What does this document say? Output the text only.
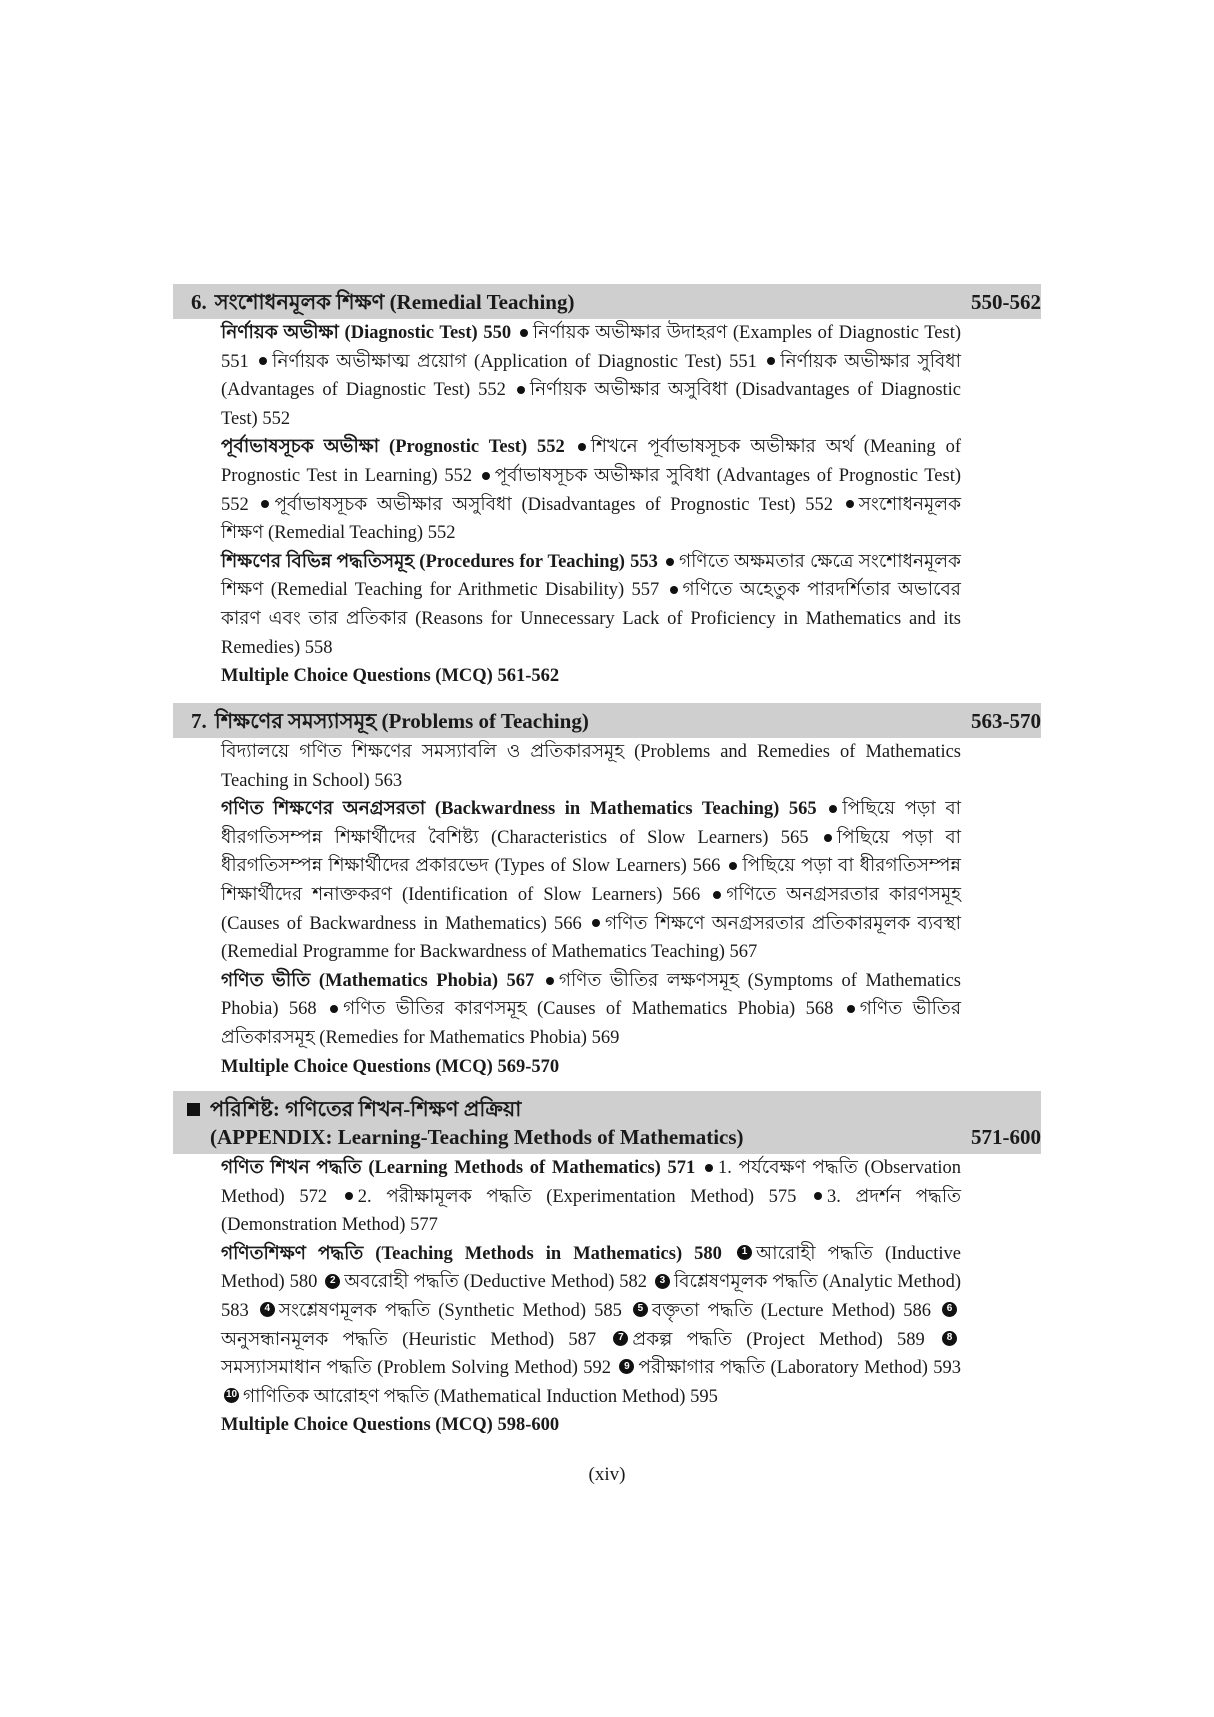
6. সংশোধনমূলক শিক্ষণ (Remedial Teaching)	550-562

নির্ণায়ক অভীক্ষা (Diagnostic Test) 550 নির্ণায়ক অভীক্ষার উদাহরণ (Examples of Diagnostic Test) 551 নির্ণায়ক অভীক্ষাত্ম প্রয়োগ (Application of Diagnostic Test) 551 নির্ণায়ক অভীক্ষার সুবিধা (Advantages of Diagnostic Test) 552 নির্ণায়ক অভীক্ষার অসুবিধা (Disadvantages of Diagnostic Test) 552

পূর্বাভাষসূচক অভীক্ষা (Prognostic Test) 552 শিখনে পূর্বাভাষসূচক অভীক্ষার অর্থ (Meaning of Prognostic Test in Learning) 552 পূর্বাভাষসূচক অভীক্ষার সুবিধা (Advantages of Prognostic Test) 552 পূর্বাভাষসূচক অভীক্ষার অসুবিধা (Disadvantages of Prognostic Test) 552 সংশোধনমূলক শিক্ষণ (Remedial Teaching) 552

শিক্ষণের বিভিন্ন পদ্ধতিসমূহ (Procedures for Teaching) 553 গণিতে অক্ষমতার ক্ষেত্রে সংশোধনমূলক শিক্ষণ (Remedial Teaching for Arithmetic Disability) 557 গণিতে অহেতুক পারদর্শিতার অভাবের কারণ এবং তার প্রতিকার (Reasons for Unnecessary Lack of Proficiency in Mathematics and its Remedies) 558

Multiple Choice Questions (MCQ) 561-562

7. শিক্ষণের সমস্যাসমূহ (Problems of Teaching)	563-570

বিদ্যালয়ে গণিত শিক্ষণের সমস্যাবলি ও প্রতিকারসমূহ (Problems and Remedies of Mathematics Teaching in School) 563

গণিত শিক্ষণের অনগ্রসরতা (Backwardness in Mathematics Teaching) 565 পিছিয়ে পড়া বা ধীরগতিসম্পন্ন শিক্ষার্থীদের বৈশিষ্ট্য (Characteristics of Slow Learners) 565 পিছিয়ে পড়া বা ধীরগতিসম্পন্ন শিক্ষার্থীদের প্রকারভেদ (Types of Slow Learners) 566 পিছিয়ে পড়া বা ধীরগতিসম্পন্ন শিক্ষার্থীদের শনাক্তকরণ (Identification of Slow Learners) 566 গণিতে অনগ্রসরতার কারণসমূহ (Causes of Backwardness in Mathematics) 566 গণিত শিক্ষণে অনগ্রসরতার প্রতিকারমূলক ব্যবস্থা (Remedial Programme for Backwardness of Mathematics Teaching) 567

গণিত ভীতি (Mathematics Phobia) 567 গণিত ভীতির লক্ষণসমূহ (Symptoms of Mathematics Phobia) 568 গণিত ভীতির কারণসমূহ (Causes of Mathematics Phobia) 568 গণিত ভীতির প্রতিকারসমূহ (Remedies for Mathematics Phobia) 569

Multiple Choice Questions (MCQ) 569-570

পরিশিষ্ট: গণিতের শিখন-শিক্ষণ প্রক্রিয়া
(APPENDIX: Learning-Teaching Methods of Mathematics)	571-600

গণিত শিখন পদ্ধতি (Learning Methods of Mathematics) 571 1. পর্যবেক্ষণ পদ্ধতি (Observation Method) 572 2. পরীক্ষামূলক পদ্ধতি (Experimentation Method) 575 3. প্রদর্শন পদ্ধতি (Demonstration Method) 577

গণিতশিক্ষণ পদ্ধতি (Teaching Methods in Mathematics) 580 1 আরোহী পদ্ধতি (Inductive Method) 580 2 অবরোহী পদ্ধতি (Deductive Method) 582 3 বিশ্লেষণমূলক পদ্ধতি (Analytic Method) 583 4 সংশ্লেষণমূলক পদ্ধতি (Synthetic Method) 585 5 বক্তৃতা পদ্ধতি (Lecture Method) 586 6অনুসন্ধানমূলক পদ্ধতি (Heuristic Method) 587 7 প্রকল্প পদ্ধতি (Project Method) 589 8সমস্যাসমাধান পদ্ধতি (Problem Solving Method) 592 9 পরীক্ষাগার পদ্ধতি (Laboratory Method) 593 10 গাণিতিক আরোহণ পদ্ধতি (Mathematical Induction Method) 595

Multiple Choice Questions (MCQ) 598-600

(xiv)
